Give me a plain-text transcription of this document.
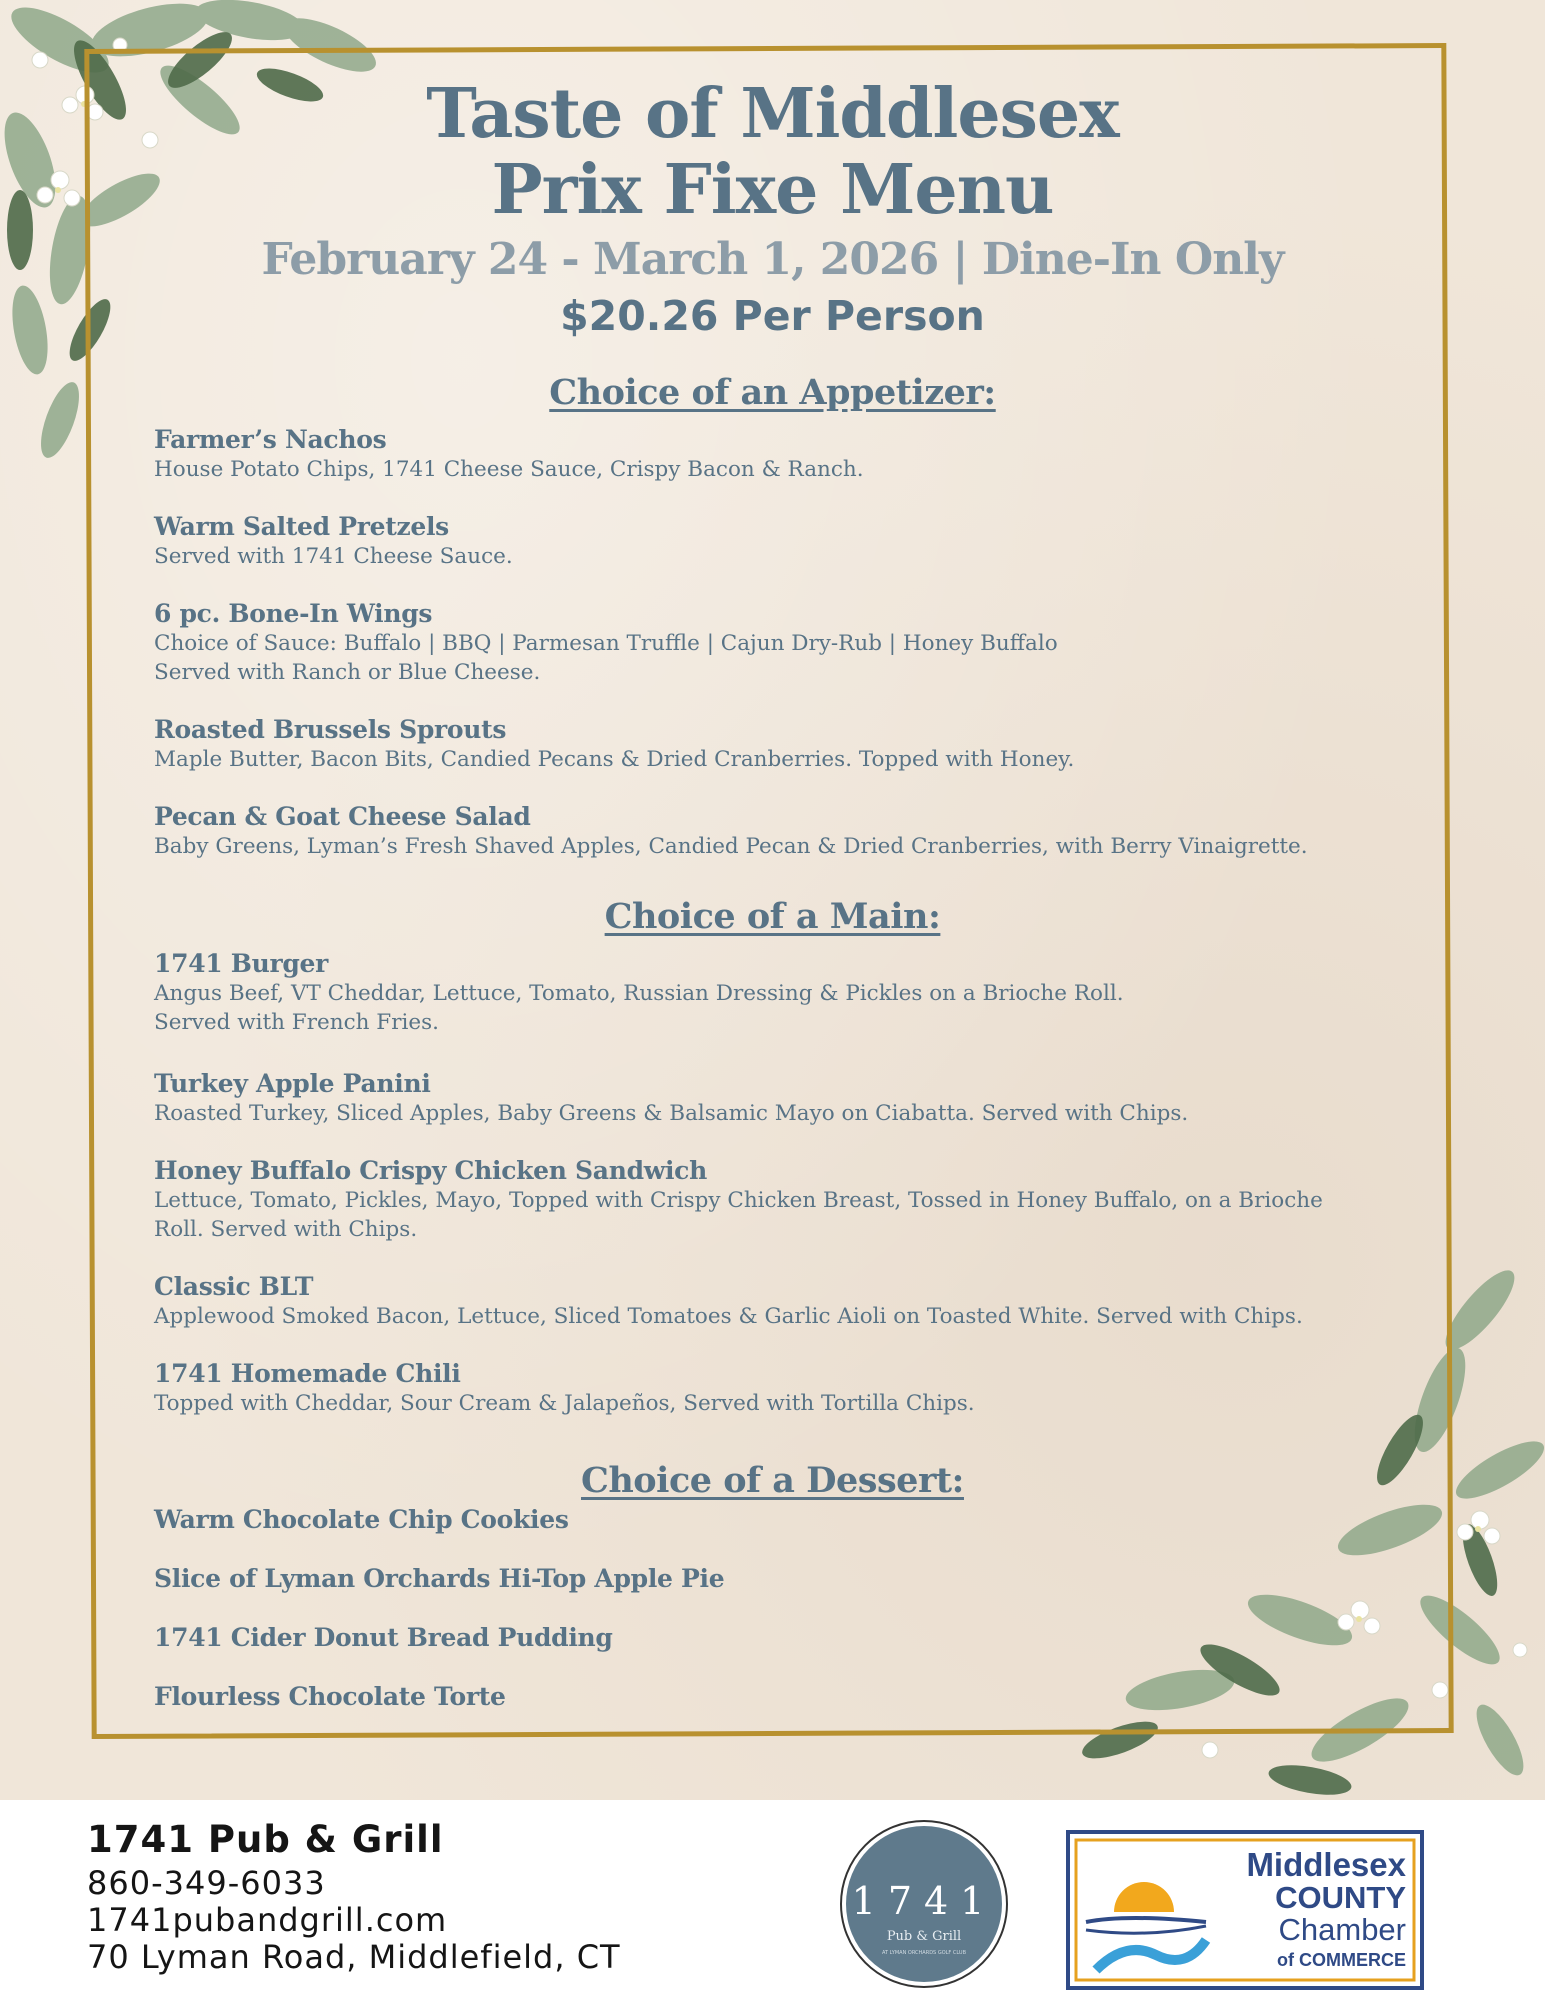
Taste of Middlesex
Prix Fixe Menu
February 24 - March 1, 2026 | Dine-In Only
$20.26 Per Person
Choice of an Appetizer:
Farmer’s Nachos
House Potato Chips, 1741 Cheese Sauce, Crispy Bacon & Ranch.
Warm Salted Pretzels
Served with 1741 Cheese Sauce.
6 pc. Bone-In Wings
Choice of Sauce: Buffalo | BBQ | Parmesan Truffle | Cajun Dry-Rub | Honey Buffalo
Served with Ranch or Blue Cheese.
Roasted Brussels Sprouts
Maple Butter, Bacon Bits, Candied Pecans & Dried Cranberries. Topped with Honey.
Pecan & Goat Cheese Salad
Baby Greens, Lyman’s Fresh Shaved Apples, Candied Pecan & Dried Cranberries, with Berry Vinaigrette.
Choice of a Main:
1741 Burger
Angus Beef, VT Cheddar, Lettuce, Tomato, Russian Dressing & Pickles on a Brioche Roll.
Served with French Fries.
Turkey Apple Panini
Roasted Turkey, Sliced Apples, Baby Greens & Balsamic Mayo on Ciabatta. Served with Chips.
Honey Buffalo Crispy Chicken Sandwich
Lettuce, Tomato, Pickles, Mayo, Topped with Crispy Chicken Breast, Tossed in Honey Buffalo, on a Brioche
Roll. Served with Chips.
Classic BLT
Applewood Smoked Bacon, Lettuce, Sliced Tomatoes & Garlic Aioli on Toasted White. Served with Chips.
1741 Homemade Chili
Topped with Cheddar, Sour Cream & Jalapeños, Served with Tortilla Chips.
Choice of a Dessert:
Warm Chocolate Chip Cookies
Slice of Lyman Orchards Hi-Top Apple Pie
1741 Cider Donut Bread Pudding
Flourless Chocolate Torte
1741 Pub & Grill
860-349-6033
1741pubandgrill.com
70 Lyman Road, Middlefield, CT
1741
Pub & Grill
AT LYMAN ORCHARDS GOLF CLUB
Middlesex
COUNTY
Chamber
of COMMERCE
